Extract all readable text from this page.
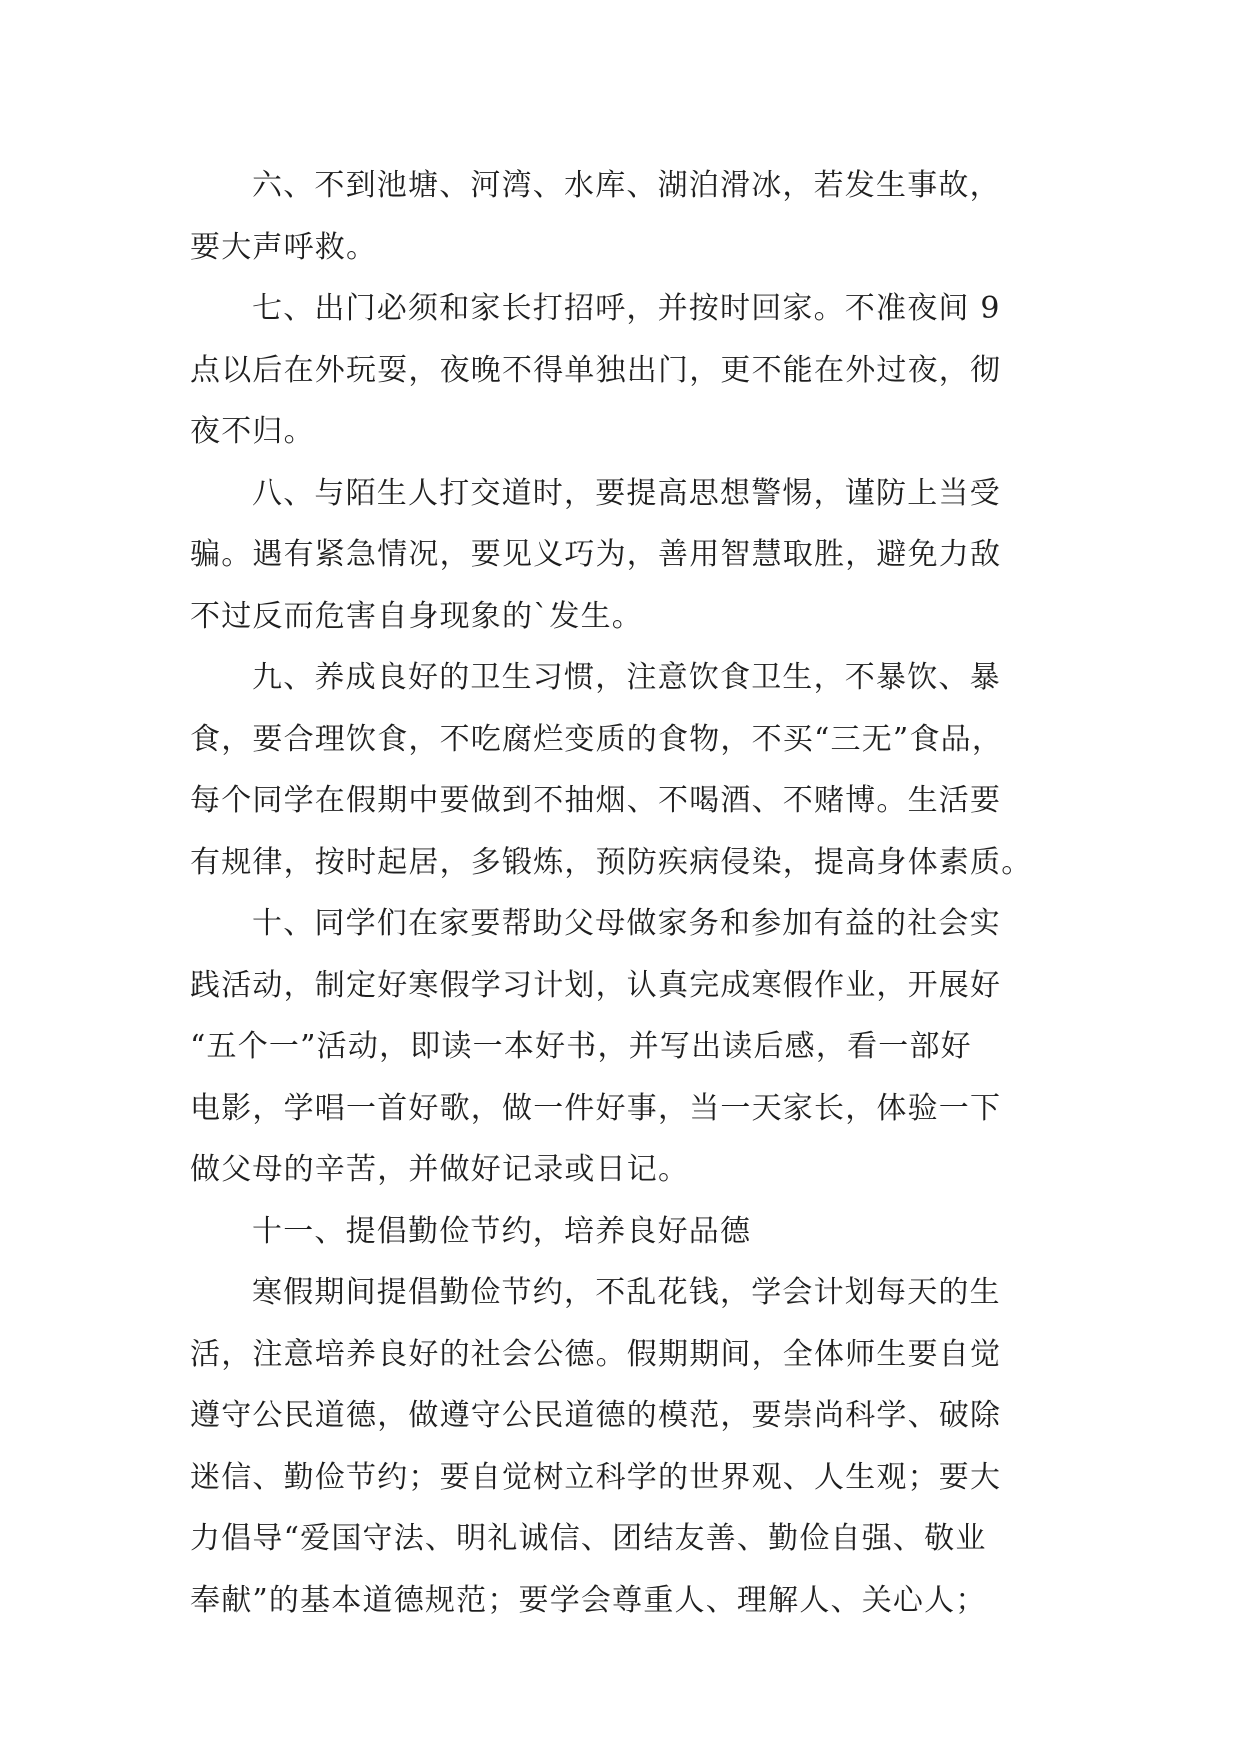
六、不到池塘、河湾、水库、湖泊滑冰，若发生事故，
要大声呼救。

七、出门必须和家长打招呼，并按时回家。不准夜间 9
点以后在外玩耍，夜晚不得单独出门，更不能在外过夜，彻
夜不归。

八、与陌生人打交道时，要提高思想警惕，谨防上当受
骗。遇有紧急情况，要见义巧为，善用智慧取胜，避免力敌
不过反而危害自身现象的`发生。

九、养成良好的卫生习惯，注意饮食卫生，不暴饮、暴
食，要合理饮食，不吃腐烂变质的食物，不买“三无”食品，
每个同学在假期中要做到不抽烟、不喝酒、不赌博。生活要
有规律，按时起居，多锻炼，预防疾病侵染，提高身体素质。

十、同学们在家要帮助父母做家务和参加有益的社会实
践活动，制定好寒假学习计划，认真完成寒假作业，开展好
“五个一”活动，即读一本好书，并写出读后感，看一部好
电影，学唱一首好歌，做一件好事，当一天家长，体验一下
做父母的辛苦，并做好记录或日记。

十一、提倡勤俭节约，培养良好品德

寒假期间提倡勤俭节约，不乱花钱，学会计划每天的生
活，注意培养良好的社会公德。假期期间，全体师生要自觉
遵守公民道德，做遵守公民道德的模范，要崇尚科学、破除
迷信、勤俭节约；要自觉树立科学的世界观、人生观；要大
力倡导“爱国守法、明礼诚信、团结友善、勤俭自强、敬业
奉献”的基本道德规范；要学会尊重人、理解人、关心人；
